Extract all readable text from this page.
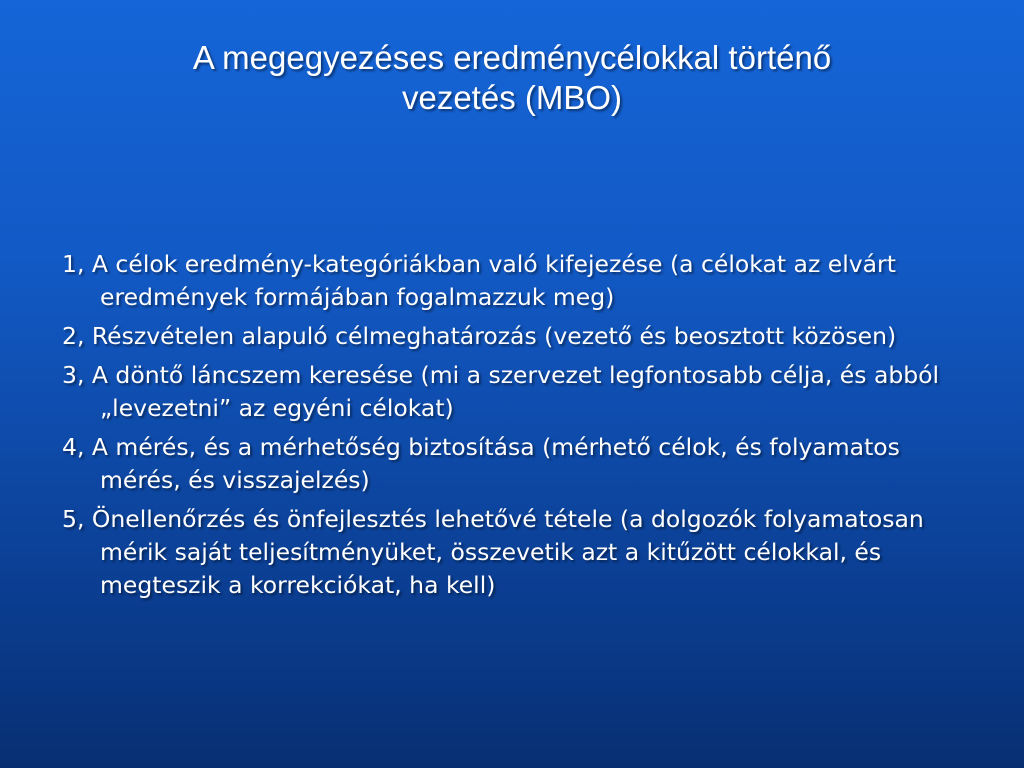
A megegyezéses eredménycélokkal történő
vezetés (MBO)
1, A célok eredmény-kategóriákban való kifejezése (a célokat az elvárt eredmények formájában fogalmazzuk meg)
2, Részvételen alapuló célmeghatározás (vezető és beosztott közösen)
3, A döntő láncszem keresése (mi a szervezet legfontosabb célja, és abból „levezetni” az egyéni célokat)
4, A mérés, és a mérhetőség biztosítása (mérhető célok, és folyamatos mérés, és visszajelzés)
5, Önellenőrzés és önfejlesztés lehetővé tétele (a dolgozók folyamatosan mérik saját teljesítményüket, összevetik azt a kitűzött célokkal, és megteszik a korrekciókat, ha kell)
